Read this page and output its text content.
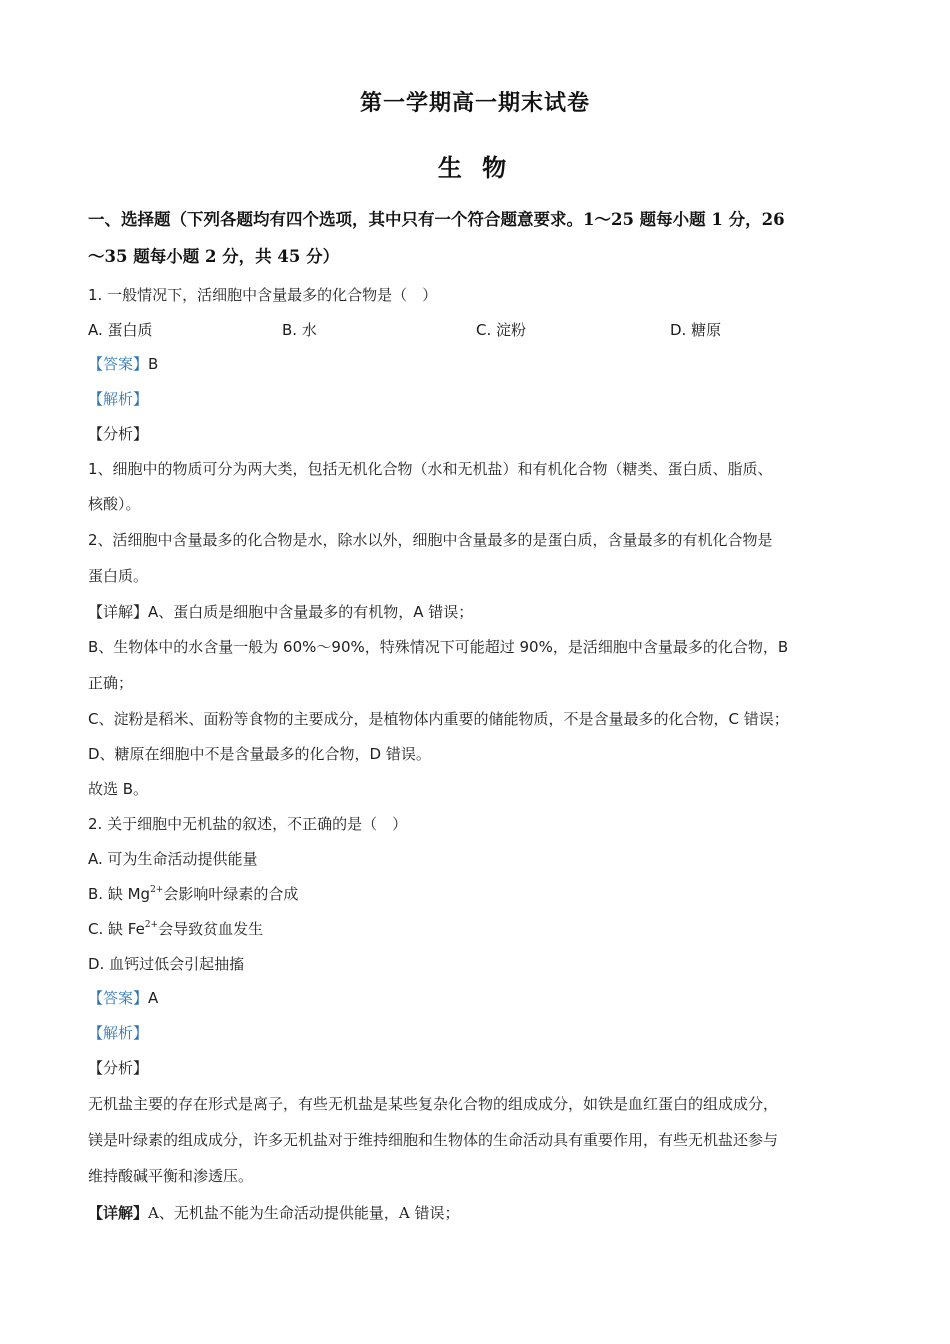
第一学期高一期末试卷
生 物
一、选择题（下列各题均有四个选项，其中只有一个符合题意要求。1～25 题每小题 1 分，26
～35 题每小题 2 分，共 45 分）
1. 一般情况下，活细胞中含量最多的化合物是（　）
A. 蛋白质	B. 水	C. 淀粉	D. 糖原
【答案】B
【解析】
【分析】
1、细胞中的物质可分为两大类，包括无机化合物（水和无机盐）和有机化合物（糖类、蛋白质、脂质、
核酸）。
2、活细胞中含量最多的化合物是水，除水以外，细胞中含量最多的是蛋白质，含量最多的有机化合物是
蛋白质。
【详解】A、蛋白质是细胞中含量最多的有机物，A 错误；
B、生物体中的水含量一般为 60%～90%，特殊情况下可能超过 90%，是活细胞中含量最多的化合物，B
正确；
C、淀粉是稻米、面粉等食物的主要成分，是植物体内重要的储能物质，不是含量最多的化合物，C 错误；
D、糖原在细胞中不是含量最多的化合物，D 错误。
故选 B。
2. 关于细胞中无机盐的叙述，不正确的是（　）
A. 可为生命活动提供能量
B. 缺 $Mg^{2+}$会影响叶绿素的合成
C. 缺 $Fe^{2+}$会导致贫血发生
D. 血钙过低会引起抽搐
【答案】A
【解析】
【分析】
无机盐主要的存在形式是离子，有些无机盐是某些复杂化合物的组成成分，如铁是血红蛋白的组成成分，
镁是叶绿素的组成成分，许多无机盐对于维持细胞和生物体的生命活动具有重要作用，有些无机盐还参与
维持酸碱平衡和渗透压。
【详解】A、无机盐不能为生命活动提供能量，A 错误；
